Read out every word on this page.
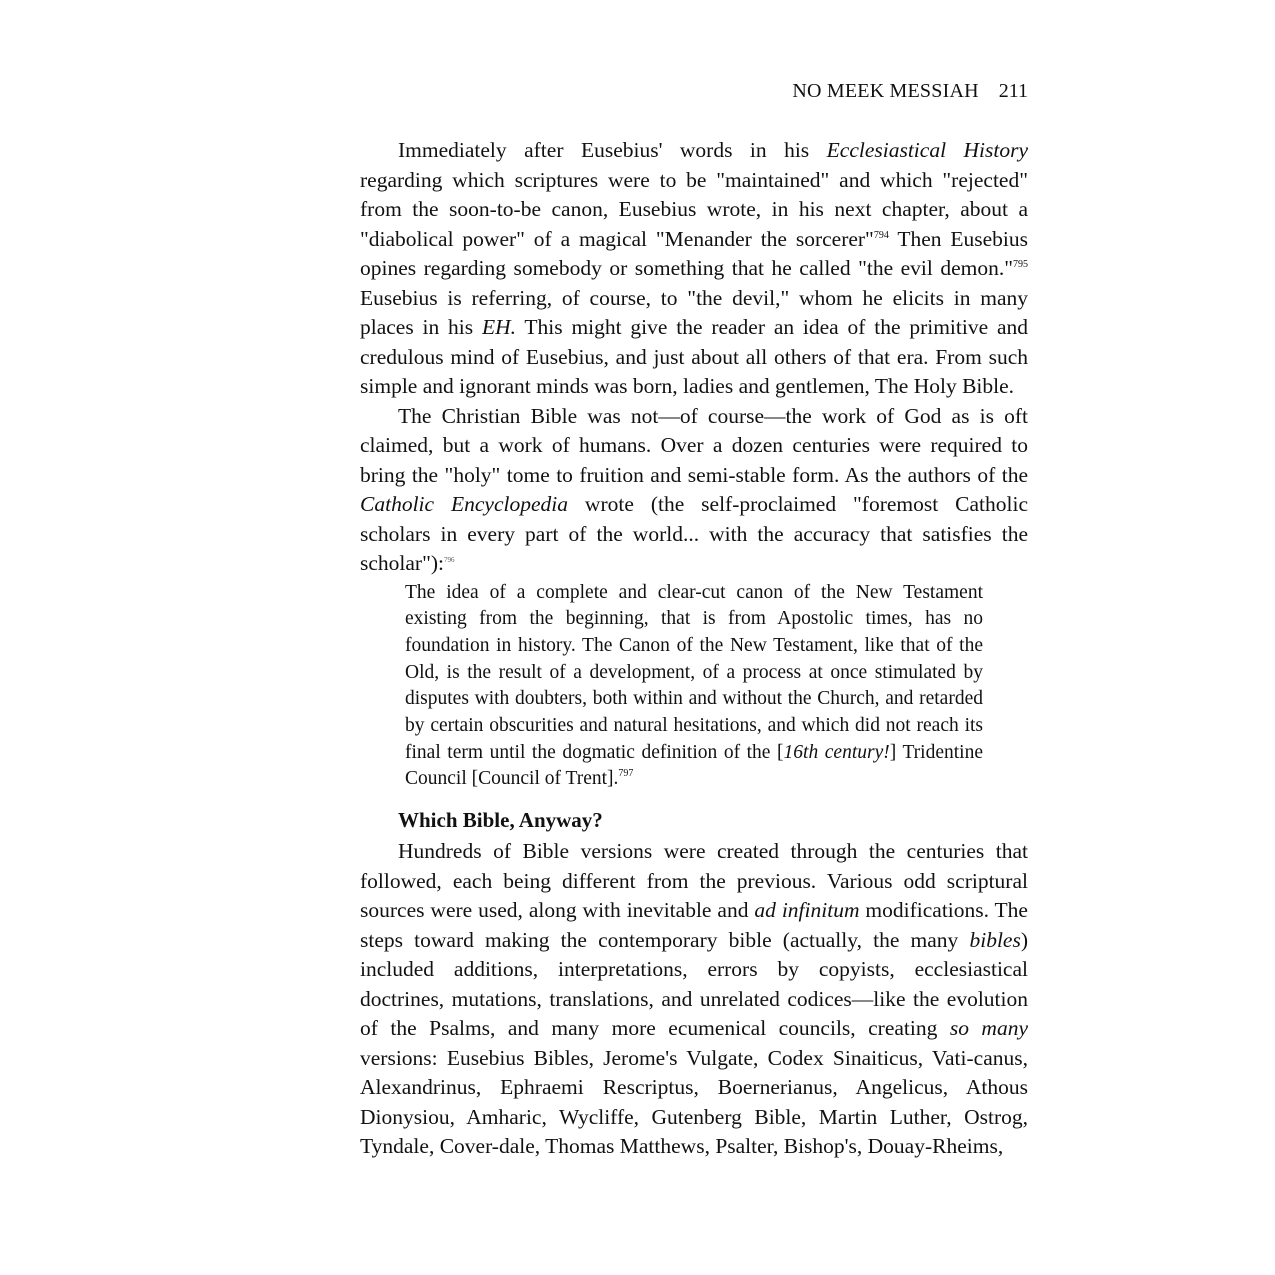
NO MEEK MESSIAH 211

Immediately after Eusebius' words in his Ecclesiastical History regarding which scriptures were to be "maintained" and which "rejected" from the soon-to-be canon, Eusebius wrote, in his next chapter, about a "diabolical power" of a magical "Menander the sorcerer"$^{794}$ Then Eusebius opines regarding somebody or something that he called "the evil demon."$^{795}$ Eusebius is referring, of course, to "the devil," whom he elicits in many places in his EH. This might give the reader an idea of the primitive and credulous mind of Eusebius, and just about all others of that era. From such simple and ignorant minds was born, ladies and gentlemen, The Holy Bible.

The Christian Bible was not—of course—the work of God as is oft claimed, but a work of humans. Over a dozen centuries were required to bring the "holy" tome to fruition and semi-stable form. As the authors of the Catholic Encyclopedia wrote (the self-proclaimed "foremost Catholic scholars in every part of the world... with the accuracy that satisfies the scholar"):$^{796}$

The idea of a complete and clear-cut canon of the New Testament existing from the beginning, that is from Apostolic times, has no foundation in history. The Canon of the New Testament, like that of the Old, is the result of a development, of a process at once stimulated by disputes with doubters, both within and without the Church, and retarded by certain obscurities and natural hesitations, and which did not reach its final term until the dogmatic definition of the [16th century!] Tridentine Council [Council of Trent].$^{797}$
Which Bible, Anyway?

Hundreds of Bible versions were created through the centuries that followed, each being different from the previous. Various odd scriptural sources were used, along with inevitable and ad infinitum modifications. The steps toward making the contemporary bible (actually, the many bibles) included additions, interpretations, errors by copyists, ecclesiastical doctrines, mutations, translations, and unrelated codices—like the evolution of the Psalms, and many more ecumenical councils, creating so many versions: Eusebius Bibles, Jerome's Vulgate, Codex Sinaiticus, Vati-canus, Alexandrinus, Ephraemi Rescriptus, Boernerianus, Angelicus, Athous Dionysiou, Amharic, Wycliffe, Gutenberg Bible, Martin Luther, Ostrog, Tyndale, Cover-dale, Thomas Matthews, Psalter, Bishop's, Douay-Rheims,
